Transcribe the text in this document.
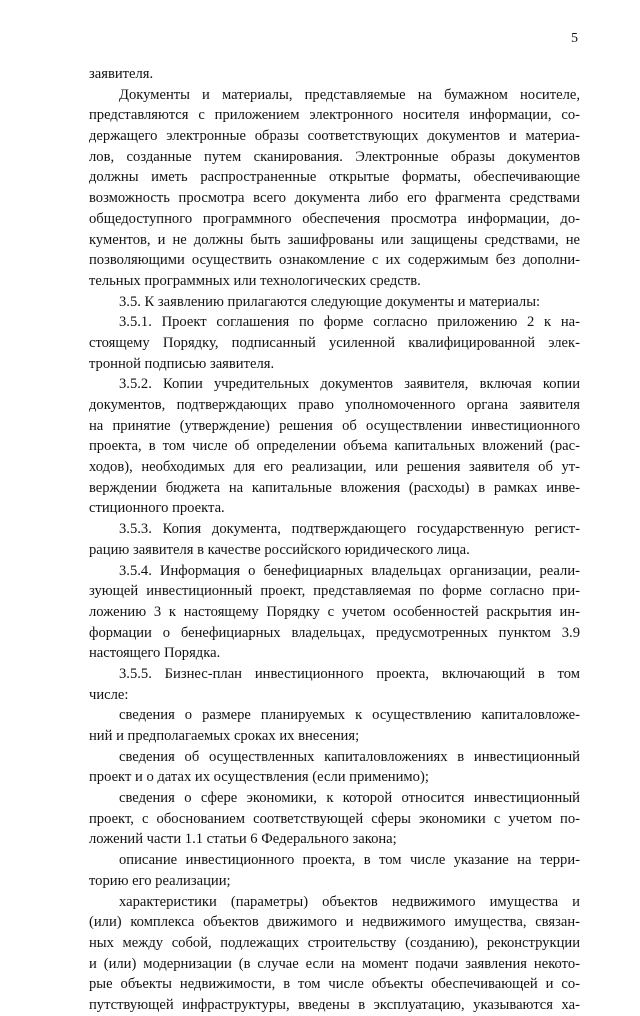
5

заявителя.
Документы и материалы, представляемые на бумажном носителе,
представляются с приложением электронного носителя информации, со-
держащего электронные образы соответствующих документов и материа-
лов, созданные путем сканирования. Электронные образы документов
должны иметь распространенные открытые форматы, обеспечивающие
возможность просмотра всего документа либо его фрагмента средствами
общедоступного программного обеспечения просмотра информации, до-
кументов, и не должны быть зашифрованы или защищены средствами, не
позволяющими осуществить ознакомление с их содержимым без дополни-
тельных программных или технологических средств.
3.5. К заявлению прилагаются следующие документы и материалы:
3.5.1. Проект соглашения по форме согласно приложению 2 к на-
стоящему Порядку, подписанный усиленной квалифицированной элек-
тронной подписью заявителя.
3.5.2. Копии учредительных документов заявителя, включая копии
документов, подтверждающих право уполномоченного органа заявителя
на принятие (утверждение) решения об осуществлении инвестиционного
проекта, в том числе об определении объема капитальных вложений (рас-
ходов), необходимых для его реализации, или решения заявителя об ут-
верждении бюджета на капитальные вложения (расходы) в рамках инве-
стиционного проекта.
3.5.3. Копия документа, подтверждающего государственную регист-
рацию заявителя в качестве российского юридического лица.
3.5.4. Информация о бенефициарных владельцах организации, реали-
зующей инвестиционный проект, представляемая по форме согласно при-
ложению 3 к настоящему Порядку с учетом особенностей раскрытия ин-
формации о бенефициарных владельцах, предусмотренных пунктом 3.9
настоящего Порядка.
3.5.5. Бизнес-план инвестиционного проекта, включающий в том
числе:
сведения о размере планируемых к осуществлению капиталовложе-
ний и предполагаемых сроках их внесения;
сведения об осуществленных капиталовложениях в инвестиционный
проект и о датах их осуществления (если применимо);
сведения о сфере экономики, к которой относится инвестиционный
проект, с обоснованием соответствующей сферы экономики с учетом по-
ложений части 1.1 статьи 6 Федерального закона;
описание инвестиционного проекта, в том числе указание на терри-
торию его реализации;
характеристики (параметры) объектов недвижимого имущества и
(или) комплекса объектов движимого и недвижимого имущества, связан-
ных между собой, подлежащих строительству (созданию), реконструкции
и (или) модернизации (в случае если на момент подачи заявления некото-
рые объекты недвижимости, в том числе объекты обеспечивающей и со-
путствующей инфраструктуры, введены в эксплуатацию, указываются ха-
